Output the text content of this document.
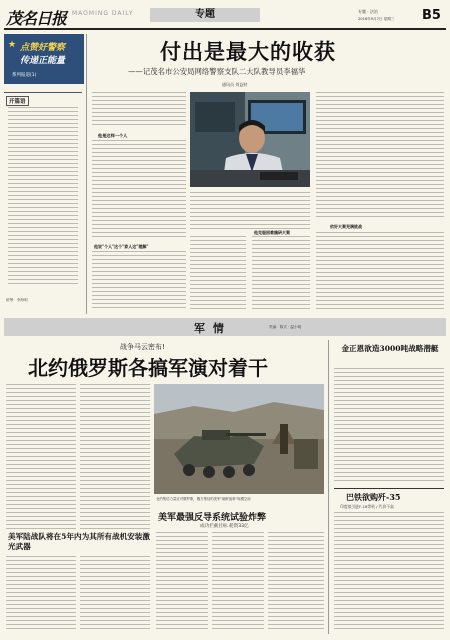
茂名日报 MAOMING DAILY	专题	专题 · 法治
2016年9月7日 星期三 B5
点赞好警察
传递正能量
★
系列报道(1)
开篇语
统筹：李海明
付出是最大的收获
——记茂名市公安局网络警察支队二大队教导员李福华
通讯员 刘益财
他是这样一个人
他说"个人"这个"家人这"理解"
他克服困难搞研大案
依好大案充满挑战
军 情	责编：陈式 · 温小明
战争马云密布!
北约俄罗斯各搞军演对着干
北约集结力量应对俄罗斯，俄方集结的美军"朝鲜战事"规模空前
美军最强反导系统试验炸弊
成功拦截目标 耗资33亿
美军陆战队将在5年内为其所有战机安装激光武器
金正恩欲造3000吨战略潜艇
巴铁欲购歼-35
印度拟引进F-18等机 / 代价不高
